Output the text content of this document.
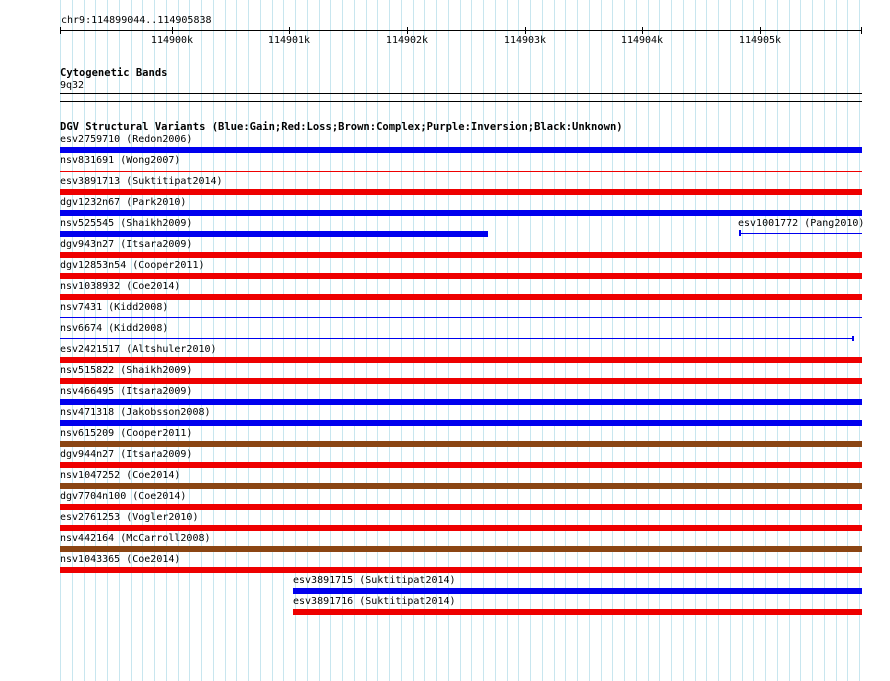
chr9:114899044..114905838
114900k	114901k	114902k	114903k	114904k	114905k
Cytogenetic Bands
9q32
DGV Structural Variants (Blue:Gain;Red:Loss;Brown:Complex;Purple:Inversion;Black:Unknown)
esv2759710 (Redon2006)
nsv831691 (Wong2007)
esv3891713 (Suktitipat2014)
dgv1232n67 (Park2010)
nsv525545 (Shaikh2009)	esv1001772 (Pang2010)
dgv943n27 (Itsara2009)
dgv12853n54 (Cooper2011)
nsv1038932 (Coe2014)
nsv7431 (Kidd2008)
nsv6674 (Kidd2008)
esv2421517 (Altshuler2010)
nsv515822 (Shaikh2009)
nsv466495 (Itsara2009)
nsv471318 (Jakobsson2008)
nsv615209 (Cooper2011)
dgv944n27 (Itsara2009)
nsv1047252 (Coe2014)
dgv7704n100 (Coe2014)
esv2761253 (Vogler2010)
nsv442164 (McCarroll2008)
nsv1043365 (Coe2014)
esv3891715 (Suktitipat2014)
esv3891716 (Suktitipat2014)
